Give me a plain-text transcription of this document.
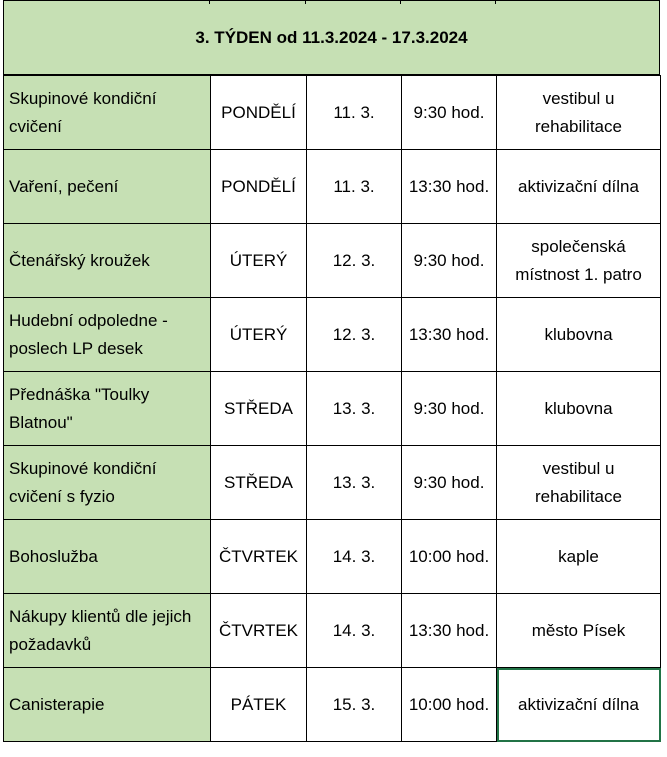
3. TÝDEN od 11.3.2024 - 17.3.2024
Skupinové kondiční cvičení	PONDĚLÍ	11. 3.	9:30 hod.	vestibul u rehabilitace
Vaření, pečení	PONDĚLÍ	11. 3.	13:30 hod.	aktivizační dílna
Čtenářský kroužek	ÚTERÝ	12. 3.	9:30 hod.	společenská místnost 1. patro
Hudební odpoledne - poslech LP desek	ÚTERÝ	12. 3.	13:30 hod.	klubovna
Přednáška "Toulky Blatnou"	STŘEDA	13. 3.	9:30 hod.	klubovna
Skupinové kondiční cvičení s fyzio	STŘEDA	13. 3.	9:30 hod.	vestibul u rehabilitace
Bohoslužba	ČTVRTEK	14. 3.	10:00 hod.	kaple
Nákupy klientů dle jejich požadavků	ČTVRTEK	14. 3.	13:30 hod.	město Písek
Canisterapie	PÁTEK	15. 3.	10:00 hod.	aktivizační dílna
